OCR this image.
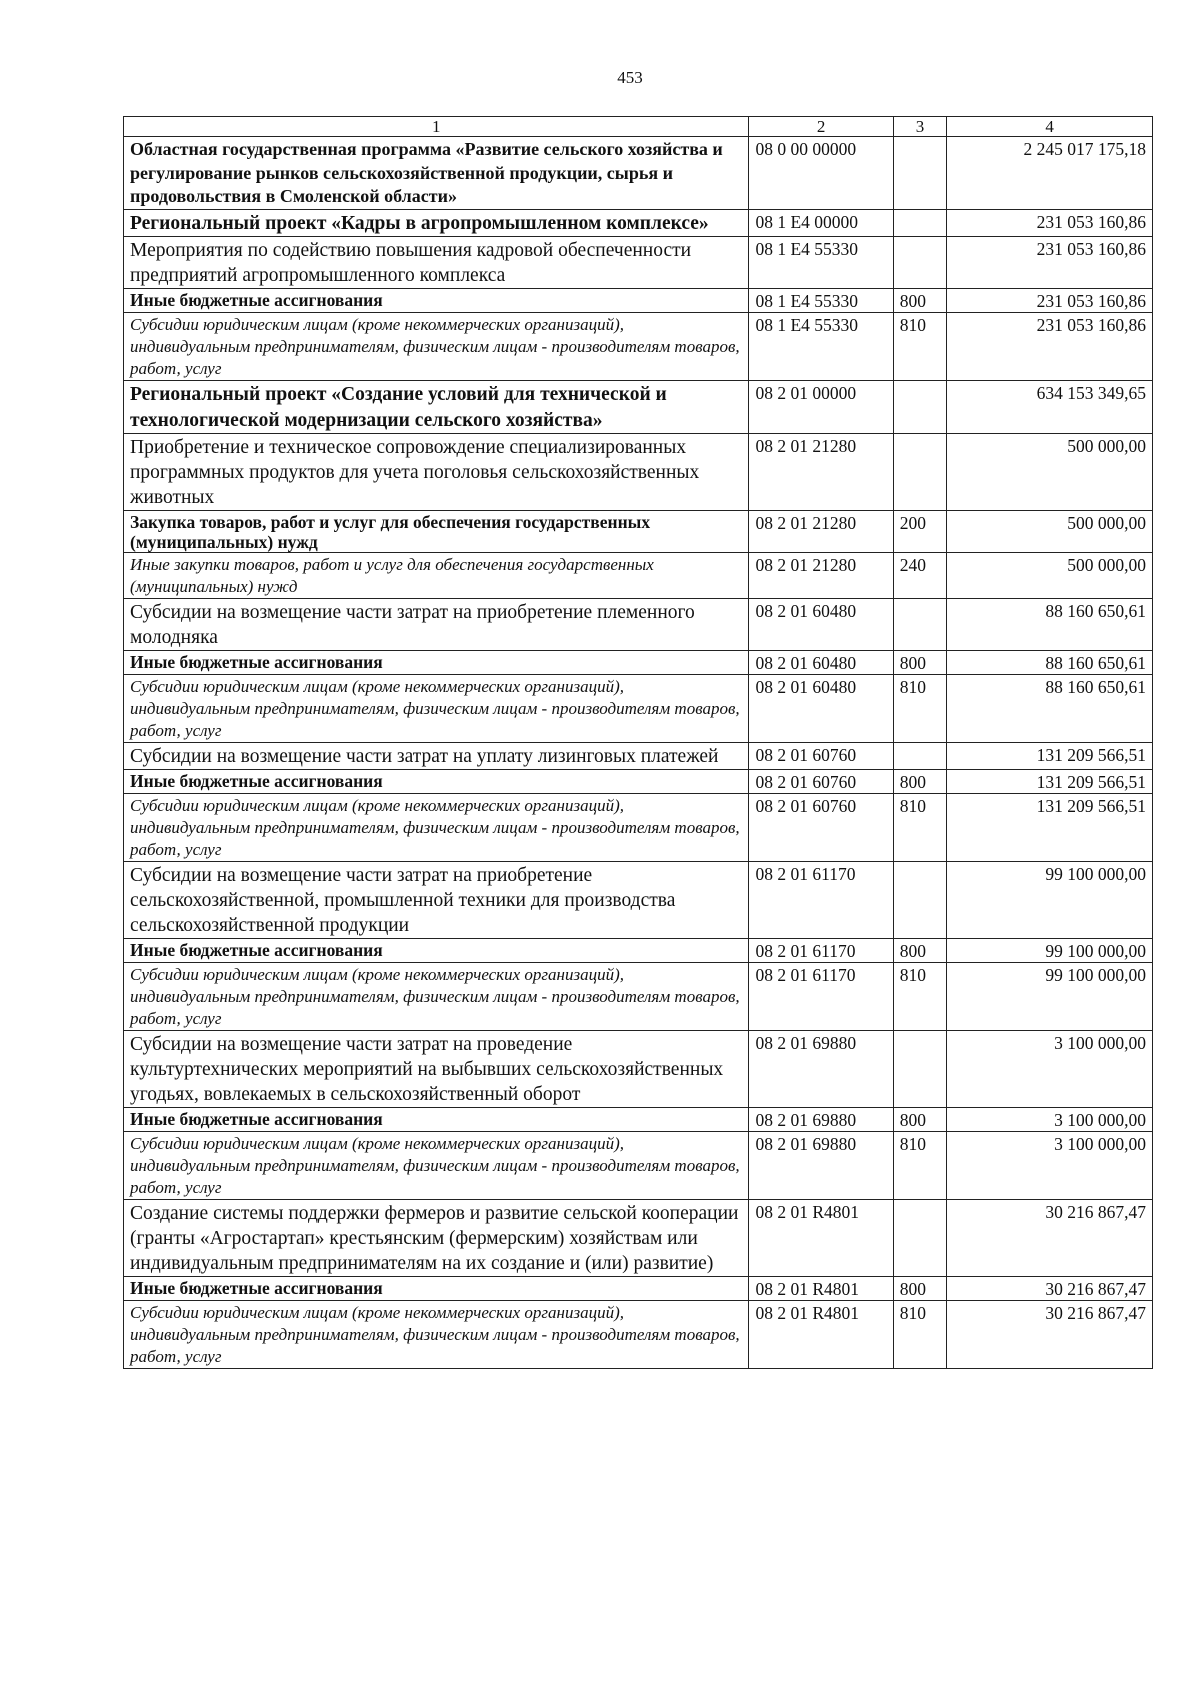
453
1	2	3	4
Областная государственная программа «Развитие сельского хозяйства и регулирование рынков сельскохозяйственной продукции, сырья и продовольствия в Смоленской области»	08 0 00 00000		2 245 017 175,18
Региональный проект «Кадры в агропромышленном комплексе»	08 1 Е4 00000		231 053 160,86
Мероприятия по содействию повышения кадровой обеспеченности предприятий агропромышленного комплекса	08 1 Е4 55330		231 053 160,86
Иные бюджетные ассигнования	08 1 Е4 55330	800	231 053 160,86
Субсидии юридическим лицам (кроме некоммерческих организаций), индивидуальным предпринимателям, физическим лицам - производителям товаров, работ, услуг	08 1 Е4 55330	810	231 053 160,86
Региональный проект «Создание условий для технической и технологической модернизации сельского хозяйства»	08 2 01 00000		634 153 349,65
Приобретение и техническое сопровождение специализированных программных продуктов для учета поголовья сельскохозяйственных животных	08 2 01 21280		500 000,00
Закупка товаров, работ и услуг для обеспечения государственных (муниципальных) нужд	08 2 01 21280	200	500 000,00
Иные закупки товаров, работ и услуг для обеспечения государственных (муниципальных) нужд	08 2 01 21280	240	500 000,00
Субсидии на возмещение части затрат на приобретение племенного молодняка	08 2 01 60480		88 160 650,61
Иные бюджетные ассигнования	08 2 01 60480	800	88 160 650,61
Субсидии юридическим лицам (кроме некоммерческих организаций), индивидуальным предпринимателям, физическим лицам - производителям товаров, работ, услуг	08 2 01 60480	810	88 160 650,61
Субсидии на возмещение части затрат на уплату лизинговых платежей	08 2 01 60760		131 209 566,51
Иные бюджетные ассигнования	08 2 01 60760	800	131 209 566,51
Субсидии юридическим лицам (кроме некоммерческих организаций), индивидуальным предпринимателям, физическим лицам - производителям товаров, работ, услуг	08 2 01 60760	810	131 209 566,51
Субсидии на возмещение части затрат на приобретение сельскохозяйственной, промышленной техники для производства сельскохозяйственной продукции	08 2 01 61170		99 100 000,00
Иные бюджетные ассигнования	08 2 01 61170	800	99 100 000,00
Субсидии юридическим лицам (кроме некоммерческих организаций), индивидуальным предпринимателям, физическим лицам - производителям товаров, работ, услуг	08 2 01 61170	810	99 100 000,00
Субсидии на возмещение части затрат на проведение культуртехнических мероприятий на выбывших сельскохозяйственных угодьях, вовлекаемых в сельскохозяйственный оборот	08 2 01 69880		3 100 000,00
Иные бюджетные ассигнования	08 2 01 69880	800	3 100 000,00
Субсидии юридическим лицам (кроме некоммерческих организаций), индивидуальным предпринимателям, физическим лицам - производителям товаров, работ, услуг	08 2 01 69880	810	3 100 000,00
Создание системы поддержки фермеров и развитие сельской кооперации (гранты «Агростартап» крестьянским (фермерским) хозяйствам или индивидуальным предпринимателям на их создание и (или) развитие)	08 2 01 R4801		30 216 867,47
Иные бюджетные ассигнования	08 2 01 R4801	800	30 216 867,47
Субсидии юридическим лицам (кроме некоммерческих организаций), индивидуальным предпринимателям, физическим лицам - производителям товаров, работ, услуг	08 2 01 R4801	810	30 216 867,47
